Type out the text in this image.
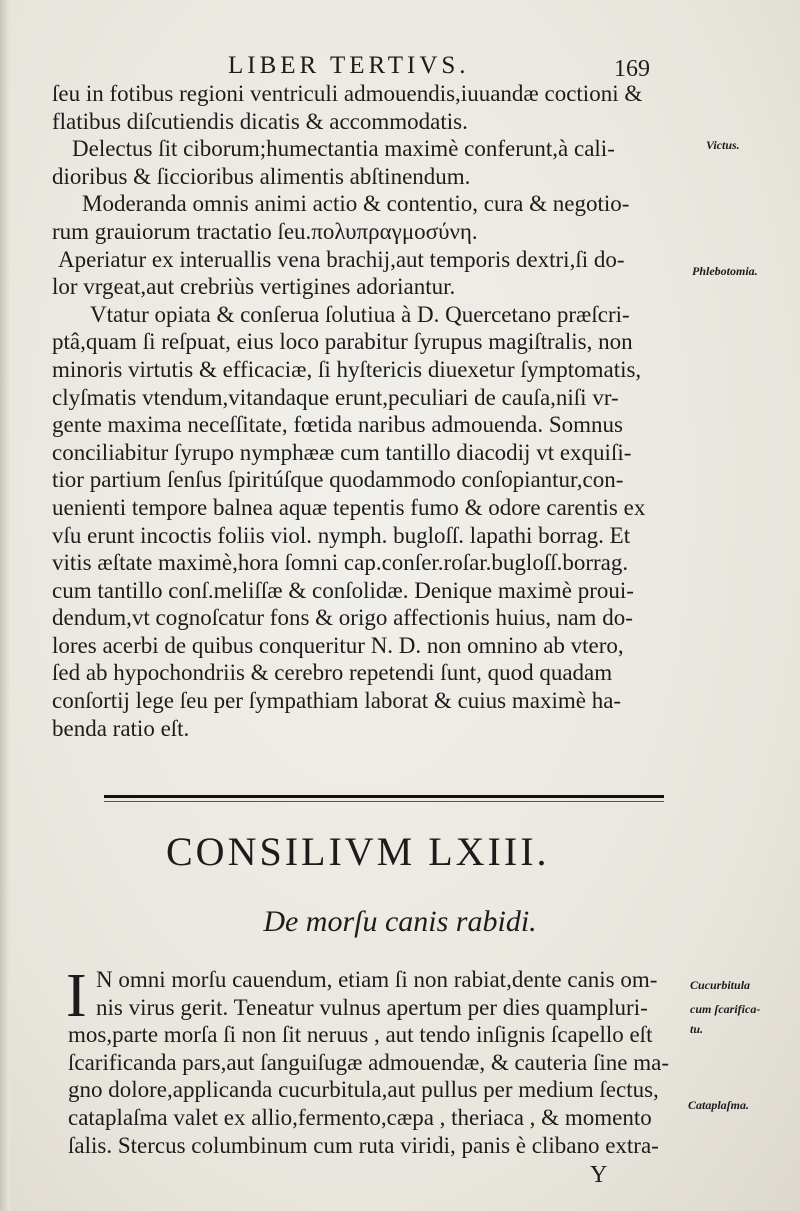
LIBER TERTIVS.	169
ſeu in fotibus regioni ventriculi admouendis,iuuandæ coctioni &
flatibus diſcutiendis dicatis & accommodatis.
Delectus ſit ciborum;humectantia maximè conferunt,à cali-
dioribus & ſiccioribus alimentis abſtinendum.
Moderanda omnis animi actio & contentio, cura & negotio-
rum grauiorum tractatio ſeu.πολυπραγμοσύνη.
Aperiatur ex interuallis vena brachij,aut temporis dextri,ſi do-
lor vrgeat,aut crebriùs vertigines adoriantur.
Vtatur opiata & conſerua ſolutiua à D. Quercetano præſcri-
ptâ,quam ſi reſpuat, eius loco parabitur ſyrupus magiſtralis, non
minoris virtutis & efficaciæ, ſi hyſtericis diuexetur ſymptomatis,
clyſmatis vtendum,vitandaque erunt,peculiari de cauſa,niſi vr-
gente maxima neceſſitate, fœtida naribus admouenda. Somnus
conciliabitur ſyrupo nymphææ cum tantillo diacodij vt exquiſi-
tior partium ſenſus ſpiritúſque quodammodo conſopiantur,con-
uenienti tempore balnea aquæ tepentis fumo & odore carentis ex
vſu erunt incoctis foliis viol. nymph. bugloſſ. lapathi borrag. Et
vitis æſtate maximè,hora ſomni cap.conſer.roſar.bugloſſ.borrag.
cum tantillo conſ.meliſſæ & conſolidæ. Denique maximè proui-
dendum,vt cognoſcatur fons & origo affectionis huius, nam do-
lores acerbi de quibus conqueritur N. D. non omnino ab vtero,
ſed ab hypochondriis & cerebro repetendi ſunt, quod quadam
conſortij lege ſeu per ſympathiam laborat & cuius maximè ha-
benda ratio eſt.
Victus.
Phlebotomia.
CONSILIVM LXIII.
De morſu canis rabidi.
I N omni morſu cauendum, etiam ſi non rabiat,dente canis om-
nis virus gerit. Teneatur vulnus apertum per dies quampluri-
mos,parte morſa ſi non ſit neruus , aut tendo inſignis ſcapello eſt
ſcarificanda pars,aut ſanguiſugæ admouendæ, & cauteria ſine ma-
gno dolore,applicanda cucurbitula,aut pullus per medium ſectus,
cataplaſma valet ex allio,fermento,cæpa , theriaca , & momento
ſalis. Stercus columbinum cum ruta viridi, panis è clibano extra-
Cucurbitula
cum ſcarifica-
tu.
Cataplaſma.
Y
